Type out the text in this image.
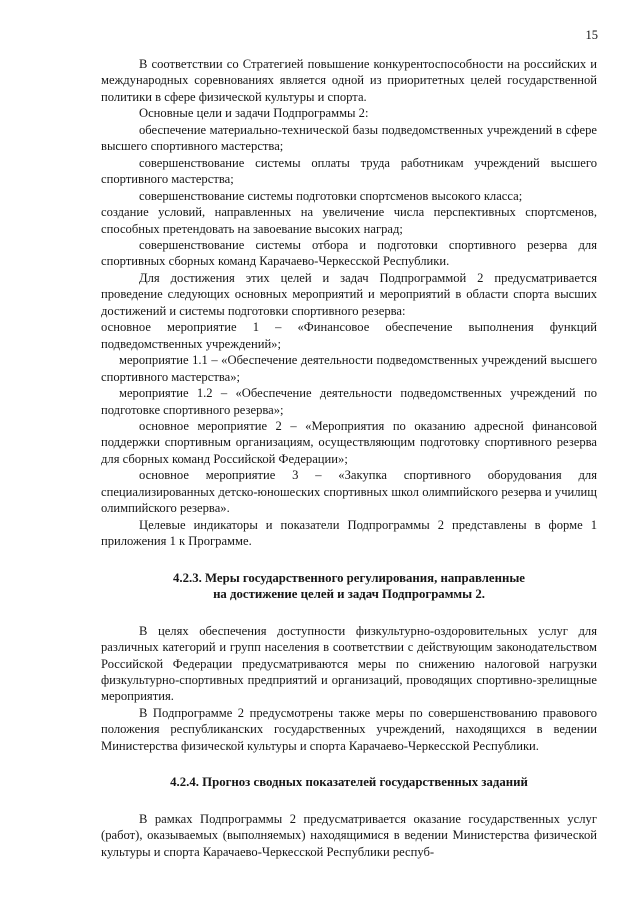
15

В соответствии со Стратегией повышение конкурентоспособности на российских и международных соревнованиях является одной из приоритетных целей государственной политики в сфере физической культуры и спорта.

Основные цели и задачи Подпрограммы 2:

обеспечение материально-технической базы подведомственных учреждений в сфере высшего спортивного мастерства;

совершенствование системы оплаты труда работникам учреждений высшего спортивного мастерства;

совершенствование системы подготовки спортсменов высокого класса;

создание условий, направленных на увеличение числа перспективных спортсменов, способных претендовать на завоевание высоких наград;

совершенствование системы отбора и подготовки спортивного резерва для спортивных сборных команд Карачаево-Черкесской Республики.

Для достижения этих целей и задач Подпрограммой 2 предусматривается проведение следующих основных мероприятий и мероприятий в области спорта высших достижений и системы подготовки спортивного резерва:

основное мероприятие 1 – «Финансовое обеспечение выполнения функций подведомственных учреждений»;

мероприятие 1.1 – «Обеспечение деятельности подведомственных учреждений высшего спортивного мастерства»;

мероприятие 1.2 – «Обеспечение деятельности подведомственных учреждений по подготовке спортивного резерва»;

основное мероприятие 2 – «Мероприятия по оказанию адресной финансовой поддержки спортивным организациям, осуществляющим подготовку спортивного резерва для сборных команд Российской Федерации»;

основное мероприятие 3 – «Закупка спортивного оборудования для специализированных детско-юношеских спортивных школ олимпийского резерва и училищ олимпийского резерва».

Целевые индикаторы и показатели Подпрограммы 2 представлены в форме 1 приложения 1 к Программе.

4.2.3. Меры государственного регулирования, направленные
на достижение целей и задач Подпрограммы 2.

В целях обеспечения доступности физкультурно-оздоровительных услуг для различных категорий и групп населения в соответствии с действующим законодательством Российской Федерации предусматриваются меры по снижению налоговой нагрузки физкультурно-спортивных предприятий и организаций, проводящих спортивно-зрелищные мероприятия.

В Подпрограмме 2 предусмотрены также меры по совершенствованию правового положения республиканских государственных учреждений, находящихся в ведении Министерства физической культуры и спорта Карачаево-Черкесской Республики.

4.2.4. Прогноз сводных показателей государственных заданий

В рамках Подпрограммы 2 предусматривается оказание государственных услуг (работ), оказываемых (выполняемых) находящимися в ведении Министерства физической культуры и спорта Карачаево-Черкесской Республики респуб-
